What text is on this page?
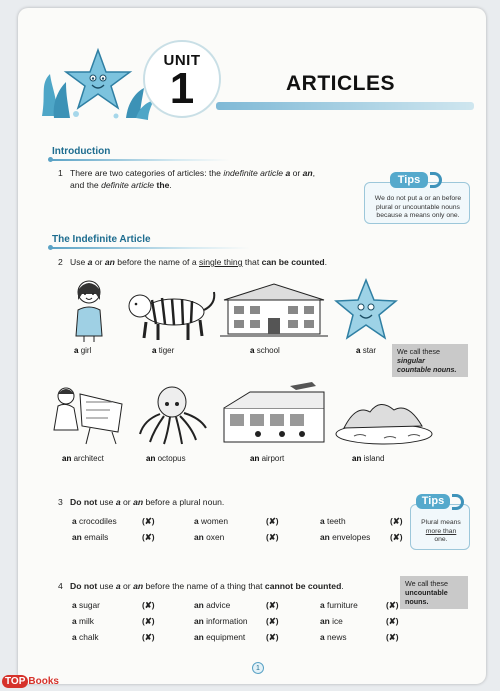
UNIT
1	ARTICLES
Introduction
1 There are two categories of articles: the indefinite article a or an,
and the definite article the.
We do not put a or an before
plural or uncountable nouns
because a means only one.
Tips
The Indefinite Article
2 Use a or an before the name of a single thing that can be counted.
a girl	a tiger	a school	a star	We call these
singular
countable nouns.
an architect	an octopus	an airport	an island
3 Do not use a or an before a plural noun.
a crocodiles	(✘)	a women	(✘)	a teeth	(✘)
an emails	(✘)	an oxen	(✘)	an envelopes (✘)
Plural means
more than
one.
Tips
4 Do not use a or an before the name of a thing that cannot be counted.	We call these
uncountable
nouns.
a sugar	(✘)	an advice	(✘)	a furniture	(✘)
a milk	(✘)	an information (✘)	an ice	(✘)
a chalk	(✘)	an equipment (✘)	a news	(✘)
1
TOP Books
